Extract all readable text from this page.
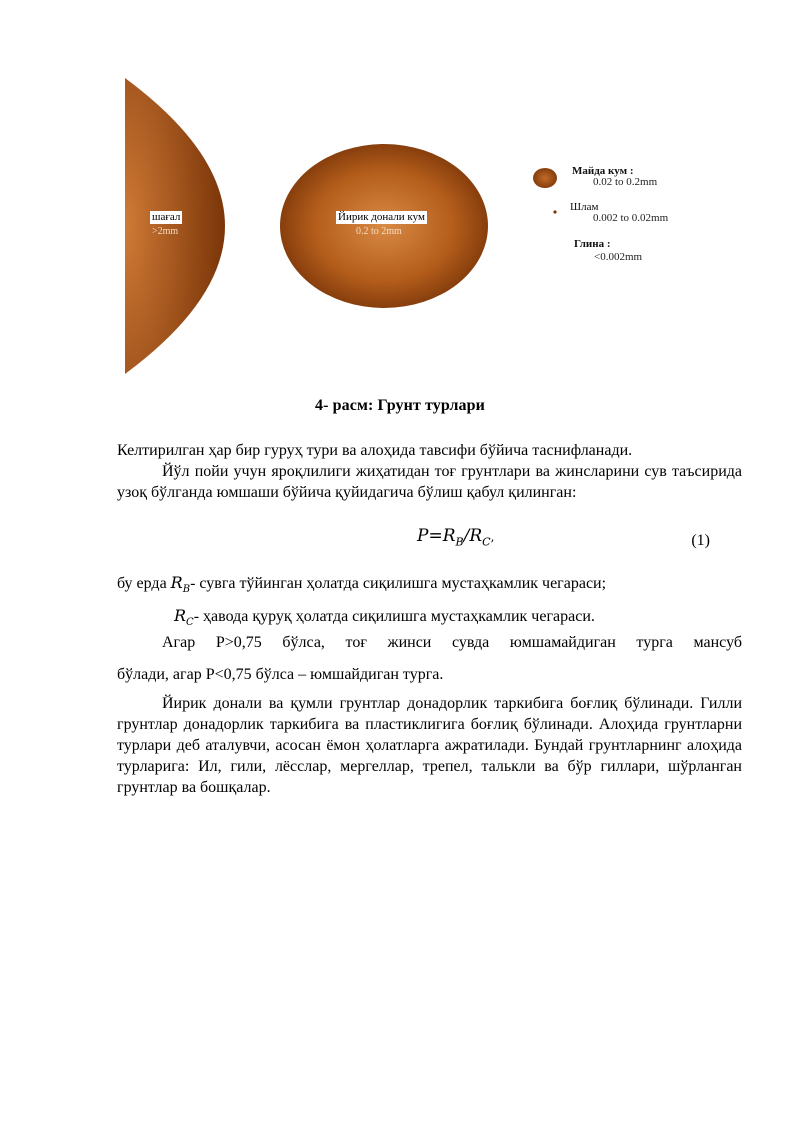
шағал
>2mm
Йирик донали кум
0.2 to 2mm
Майда кум :
0.02 to 0.2mm
Шлам
0.002 to 0.02mm
Глина :
<0.002mm
4- расм: Грунт турлари

Келтирилган ҳар бир гуруҳ тури ва алоҳида тавсифи бўйича таснифланади.

Йўл пойи учун яроқлилиги жиҳатидан тоғ грунтлари ва жинсларини сув таъсирида узоқ бўлганда юмшаши бўйича қуйидагича бўлиш қабул қилинган:

$P=R_B/R_C$,	(1)

бу ерда $R_B-$ сувга тўйинган ҳолатда сиқилишга мустаҳкамлик чегараси;

$R_C-$ ҳавода қуруқ ҳолатда сиқилишга мустаҳкамлик чегараси.

Агар Р>0,75 бўлса, тоғ жинси сувда юмшамайдиган турга мансуб

бўлади, агар Р<0,75 бўлса – юмшайдиган турга.

Йирик донали ва қумли грунтлар донадорлик таркибига боғлиқ бўлинади. Гилли грунтлар донадорлик таркибига ва пластиклигига боғлиқ бўлинади. Алоҳида грунтларни турлари деб аталувчи, асосан ёмон ҳолатларга ажратилади. Бундай грунтларнинг алоҳида турларига: Ил, гили, лёсслар, мергеллар, трепел, талькли ва бўр гиллари, шўрланган грунтлар ва бошқалар.
